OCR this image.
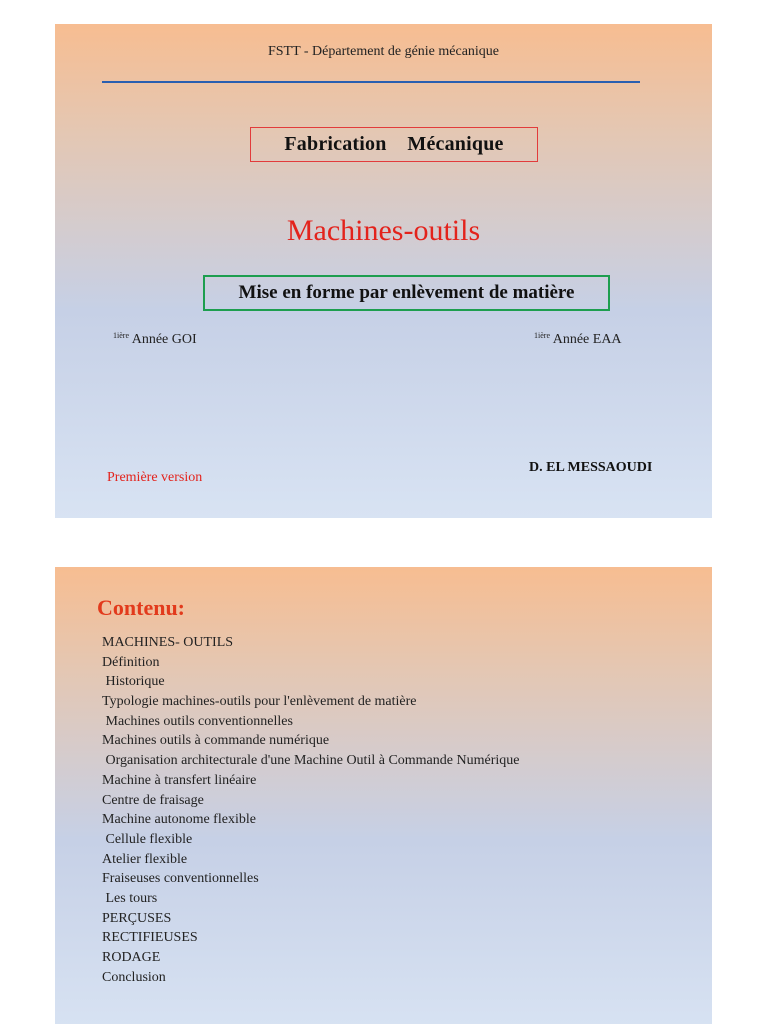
FSTT - Département de génie mécanique
Fabrication    Mécanique
Machines-outils
Mise en forme par enlèvement de matière
$^{1ière}$ Année GOI	$^{1ière}$ Année EAA
D. EL MESSAOUDI
Première version
Contenu:
MACHINES- OUTILS
Définition
Historique
Typologie machines-outils pour l'enlèvement de matière
Machines outils conventionnelles
Machines outils à commande numérique
Organisation architecturale d'une Machine Outil à Commande Numérique
Machine à transfert linéaire
Centre de fraisage
Machine autonome flexible
Cellule flexible
Atelier flexible
Fraiseuses conventionnelles
Les tours
PERÇUSES
RECTIFIEUSES
RODAGE
Conclusion
